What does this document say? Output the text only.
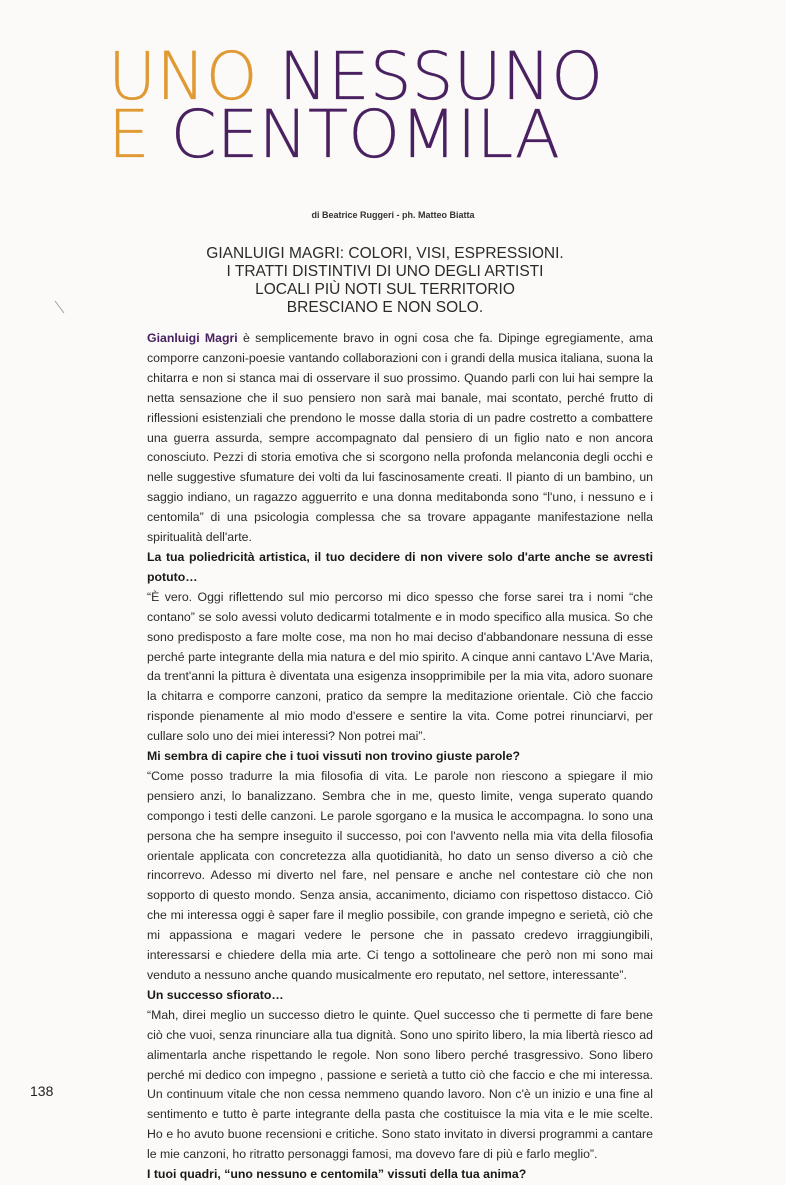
UNO NESSUNO
E CENTOMILA
di Beatrice Ruggeri - ph. Matteo Biatta
GIANLUIGI MAGRI: COLORI, VISI, ESPRESSIONI.
I TRATTI DISTINTIVI DI UNO DEGLI ARTISTI
LOCALI PIÙ NOTI SUL TERRITORIO
BRESCIANO E NON SOLO.

Gianluigi Magri è semplicemente bravo in ogni cosa che fa. Dipinge egregiamente, ama comporre canzoni-poesie vantando collaborazioni con i grandi della musica italiana, suona la chitarra e non si stanca mai di osservare il suo prossimo. Quando parli con lui hai sempre la netta sensazione che il suo pensiero non sarà mai banale, mai scontato, perché frutto di riflessioni esistenziali che prendono le mosse dalla storia di un padre costretto a combattere una guerra assurda, sempre accompagnato dal pensiero di un figlio nato e non ancora conosciuto. Pezzi di storia emotiva che si scorgono nella profonda melanconia degli occhi e nelle suggestive sfumature dei volti da lui fascinosamente creati. Il pianto di un bambino, un saggio indiano, un ragazzo agguerrito e una donna meditabonda sono “l'uno, i nessuno e i centomila” di una psicologia complessa che sa trovare appagante manifestazione nella spiritualità dell'arte.

La tua poliedricità artistica, il tuo decidere di non vivere solo d'arte anche se avresti potuto…

“È vero. Oggi riflettendo sul mio percorso mi dico spesso che forse sarei tra i nomi “che contano” se solo avessi voluto dedicarmi totalmente e in modo specifico alla musica. So che sono predisposto a fare molte cose, ma non ho mai deciso d'abbandonare nessuna di esse perché parte integrante della mia natura e del mio spirito. A cinque anni cantavo L'Ave Maria, da trent'anni la pittura è diventata una esigenza insopprimibile per la mia vita, adoro suonare la chitarra e comporre canzoni, pratico da sempre la meditazione orientale. Ciò che faccio risponde pienamente al mio modo d'essere e sentire la vita. Come potrei rinunciarvi, per cullare solo uno dei miei interessi? Non potrei mai”.

Mi sembra di capire che i tuoi vissuti non trovino giuste parole?

“Come posso tradurre la mia filosofia di vita. Le parole non riescono a spiegare il mio pensiero anzi, lo banalizzano. Sembra che in me, questo limite, venga superato quando compongo i testi delle canzoni. Le parole sgorgano e la musica le accompagna. Io sono una persona che ha sempre inseguito il successo, poi con l'avvento nella mia vita della filosofia orientale applicata con concretezza alla quotidianità, ho dato un senso diverso a ciò che rincorrevo. Adesso mi diverto nel fare, nel pensare e anche nel contestare ciò che non sopporto di questo mondo. Senza ansia, accanimento, diciamo con rispettoso distacco. Ciò che mi interessa oggi è saper fare il meglio possibile, con grande impegno e serietà, ciò che mi appassiona e magari vedere le persone che in passato credevo irraggiungibili, interessarsi e chiedere della mia arte. Ci tengo a sottolineare che però non mi sono mai venduto a nessuno anche quando musicalmente ero reputato, nel settore, interessante”.

Un successo sfiorato…

“Mah, direi meglio un successo dietro le quinte. Quel successo che ti permette di fare bene ciò che vuoi, senza rinunciare alla tua dignità. Sono uno spirito libero, la mia libertà riesco ad alimentarla anche rispettando le regole. Non sono libero perché trasgressivo. Sono libero perché mi dedico con impegno , passione e serietà a tutto ciò che faccio e che mi interessa. Un continuum vitale che non cessa nemmeno quando lavoro. Non c'è un inizio e una fine al sentimento e tutto è parte integrante della pasta che costituisce la mia vita e le mie scelte. Ho e ho avuto buone recensioni e critiche. Sono stato invitato in diversi programmi a cantare le mie canzoni, ho ritratto personaggi famosi, ma dovevo fare di più e farlo meglio”.

I tuoi quadri, “uno nessuno e centomila” vissuti della tua anima?

138
